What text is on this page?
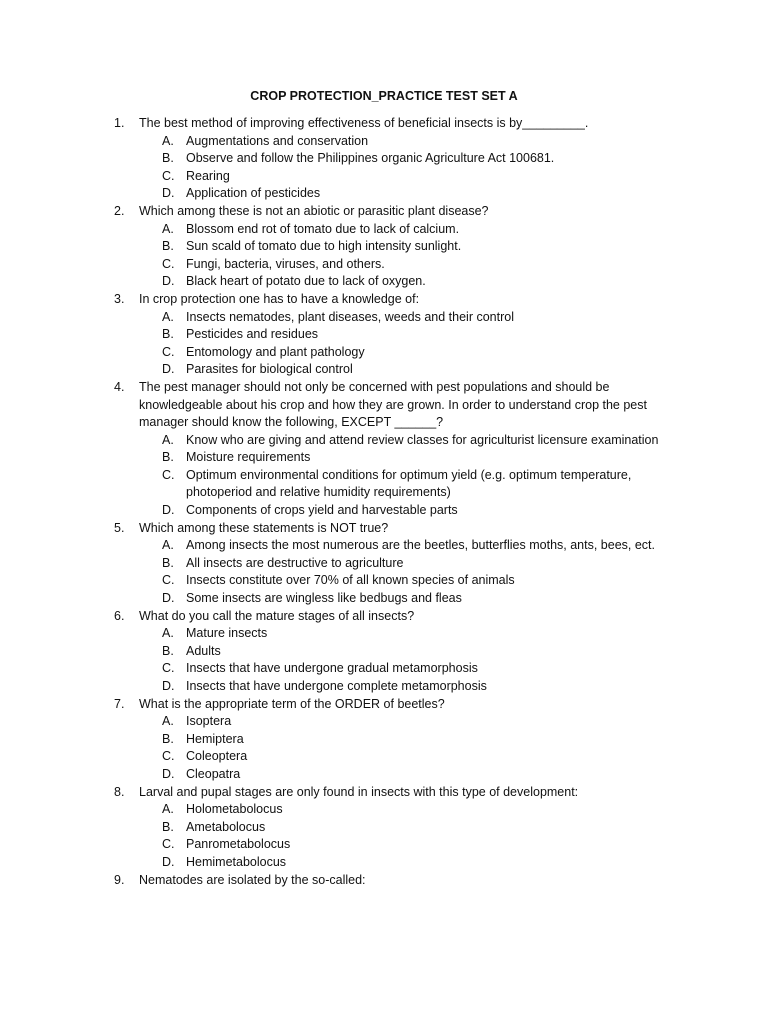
CROP PROTECTION_PRACTICE TEST SET A
1.	The best method of improving effectiveness of beneficial insects is by_________.
A. Augmentations and conservation
B. Observe and follow the Philippines organic Agriculture Act 100681.
C. Rearing
D. Application of pesticides
2.	Which among these is not an abiotic or parasitic plant disease?
A. Blossom end rot of tomato due to lack of calcium.
B. Sun scald of tomato due to high intensity sunlight.
C. Fungi, bacteria, viruses, and others.
D. Black heart of potato due to lack of oxygen.
3.	In crop protection one has to have a knowledge of:
A. Insects nematodes, plant diseases, weeds and their control
B. Pesticides and residues
C. Entomology and plant pathology
D. Parasites for biological control
4.	The pest manager should not only be concerned with pest populations and should be knowledgeable about his crop and how they are grown. In order to understand crop the pest manager should know the following, EXCEPT ______?
A. Know who are giving and attend review classes for agriculturist licensure examination
B. Moisture requirements
C. Optimum environmental conditions for optimum yield (e.g. optimum temperature, photoperiod and relative humidity requirements)
D. Components of crops yield and harvestable parts
5.	Which among these statements is NOT true?
A. Among insects the most numerous are the beetles, butterflies moths, ants, bees, ect.
B. All insects are destructive to agriculture
C. Insects constitute over 70% of all known species of animals
D. Some insects are wingless like bedbugs and fleas
6.	What do you call the mature stages of all insects?
A. Mature insects
B. Adults
C. Insects that have undergone gradual metamorphosis
D. Insects that have undergone complete metamorphosis
7.	What is the appropriate term of the ORDER of beetles?
A. Isoptera
B. Hemiptera
C. Coleoptera
D. Cleopatra
8.	Larval and pupal stages are only found in insects with this type of development:
A. Holometabolocus
B. Ametabolocus
C. Panrometabolocus
D. Hemimetabolocus
9.	Nematodes are isolated by the so-called:
